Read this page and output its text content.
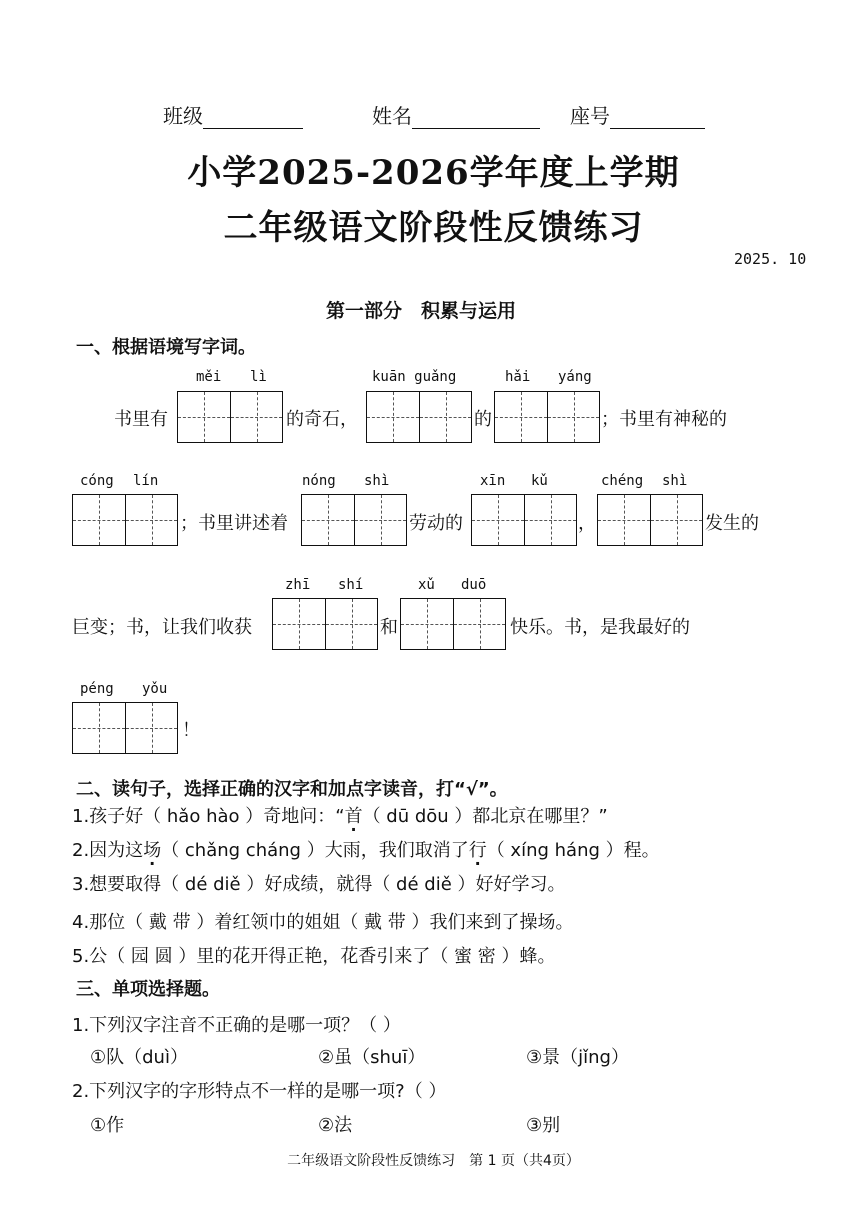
班级	姓名	座号
小学2025-2026学年度上学期
二年级语文阶段性反馈练习
2025. 10
第一部分　积累与运用
一、根据语境写字词。
měi lì	kuān guǎng	hǎi yáng
书里有	的奇石，	的	；书里有神秘的
cóng lín	nóng shì	xīn kǔ	chéng shì
；书里讲述着	劳动的	，	发生的
zhī shí	xǔ duō
巨变；书，让我们收获	和	快乐。书，是我最好的
péng yǒu
！
二、读句子，选择正确的汉字和加点字读音，打“√”。
1.孩子好（ hǎo hào ）奇地问：“首（ dū dōu ）都北京在哪里？”
2.因为这场（ chǎng cháng ）大雨，我们取消了行（ xíng háng ）程。
3.想要取得（ dé diě ）好成绩，就得（ dé diě ）好好学习。
4.那位（ 戴 带 ）着红领巾的姐姐（ 戴 带 ）我们来到了操场。
5.公（ 园 圆 ）里的花开得正艳，花香引来了（ 蜜 密 ）蜂。
三、单项选择题。
1.下列汉字注音不正确的是哪一项？（ ）
①队（duì）	②虽（shuī）	③景（jǐng）
2.下列汉字的字形特点不一样的是哪一项?（ ）
①作	②法	③别
二年级语文阶段性反馈练习　第 1 页（共4页）
